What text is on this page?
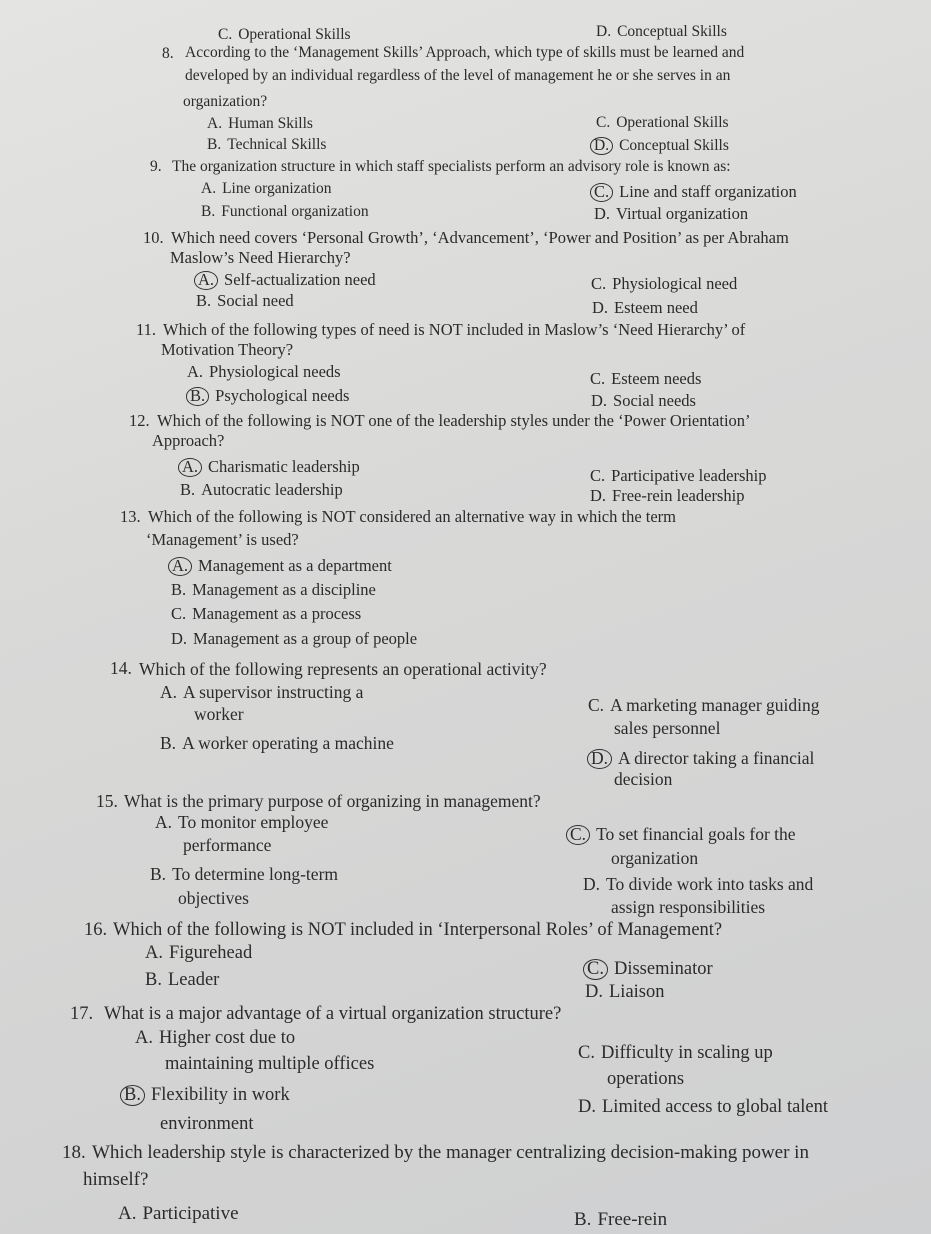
C. Operational Skills	D. Conceptual Skills
8. According to the ‘Management Skills’ Approach, which type of skills must be learned and
developed by an individual regardless of the level of management he or she serves in an
organization?
A. Human Skills
B. Technical Skills
C. Operational Skills
D. Conceptual Skills
9. The organization structure in which staff specialists perform an advisory role is known as:
A. Line organization
B. Functional organization
C. Line and staff organization
D. Virtual organization
10. Which need covers ‘Personal Growth’, ‘Advancement’, ‘Power and Position’ as per Abraham
Maslow’s Need Hierarchy?
A. Self-actualization need
B. Social need
C. Physiological need
D. Esteem need
11. Which of the following types of need is NOT included in Maslow’s ‘Need Hierarchy’ of
Motivation Theory?
A. Physiological needs
B. Psychological needs
C. Esteem needs
D. Social needs
12. Which of the following is NOT one of the leadership styles under the ‘Power Orientation’
Approach?
A. Charismatic leadership
B. Autocratic leadership
C. Participative leadership
D. Free-rein leadership
13. Which of the following is NOT considered an alternative way in which the term
‘Management’ is used?
A. Management as a department
B. Management as a discipline
C. Management as a process
D. Management as a group of people
14. Which of the following represents an operational activity?
A. A supervisor instructing a
worker
B. A worker operating a machine
C. A marketing manager guiding
sales personnel
D. A director taking a financial
decision
15. What is the primary purpose of organizing in management?
A. To monitor employee
performance
B. To determine long-term
objectives
C. To set financial goals for the
organization
D. To divide work into tasks and
assign responsibilities
16. Which of the following is NOT included in ‘Interpersonal Roles’ of Management?
A. Figurehead
B. Leader
C. Disseminator
D. Liaison
17. What is a major advantage of a virtual organization structure?
A. Higher cost due to
maintaining multiple offices
B. Flexibility in work
environment
C. Difficulty in scaling up
operations
D. Limited access to global talent
18. Which leadership style is characterized by the manager centralizing decision-making power in
himself?
A. Participative	B. Free-rein
